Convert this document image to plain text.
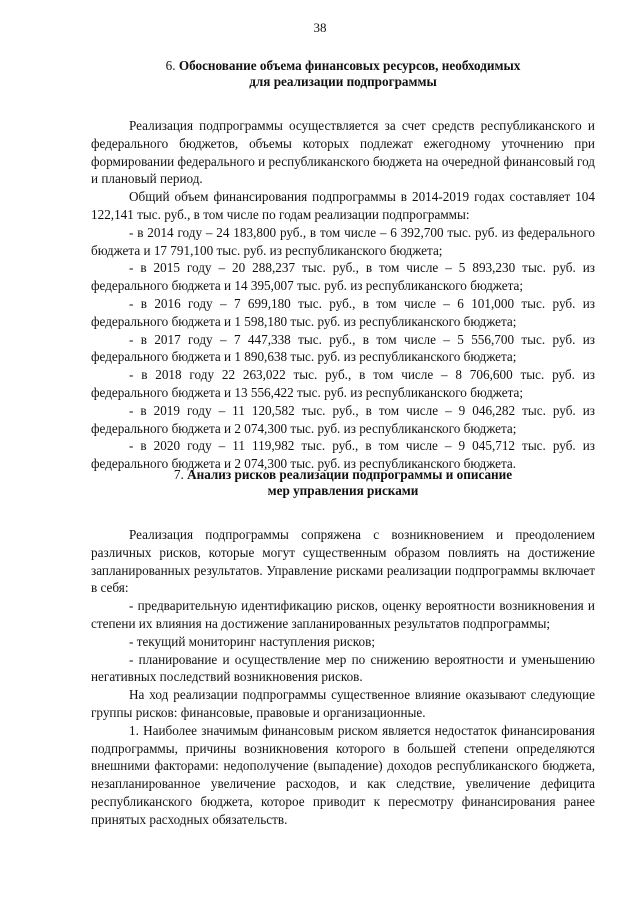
38
6. Обоснование объема финансовых ресурсов, необходимых
для реализации подпрограммы

Реализация подпрограммы осуществляется за счет средств республиканского и федерального бюджетов, объемы которых подлежат ежегодному уточнению при формировании федерального и республиканского бюджета на очередной финансовый год и плановый период.

Общий объем финансирования подпрограммы в 2014-2019 годах составляет 104 122,141 тыс. руб., в том числе по годам реализации подпрограммы:

- в 2014 году – 24 183,800 руб., в том числе – 6 392,700 тыс. руб. из федерального бюджета и 17 791,100 тыс. руб. из республиканского бюджета;

- в 2015 году – 20 288,237 тыс. руб., в том числе – 5 893,230 тыс. руб. из федерального бюджета и 14 395,007 тыс. руб. из республиканского бюджета;

- в 2016 году – 7 699,180 тыс. руб., в том числе – 6 101,000 тыс. руб. из федерального бюджета и 1 598,180 тыс. руб. из республиканского бюджета;

- в 2017 году – 7 447,338 тыс. руб., в том числе – 5 556,700 тыс. руб. из федерального бюджета и 1 890,638 тыс. руб. из республиканского бюджета;

- в 2018 году 22 263,022 тыс. руб., в том числе – 8 706,600 тыс. руб. из федерального бюджета и 13 556,422 тыс. руб. из республиканского бюджета;

- в 2019 году – 11 120,582 тыс. руб., в том числе – 9 046,282 тыс. руб. из федерального бюджета и 2 074,300 тыс. руб. из республиканского бюджета;

- в 2020 году – 11 119,982 тыс. руб., в том числе – 9 045,712 тыс. руб. из федерального бюджета и 2 074,300 тыс. руб. из республиканского бюджета.

7. Анализ рисков реализации подпрограммы и описание
мер управления рисками

Реализация подпрограммы сопряжена с возникновением и преодолением различных рисков, которые могут существенным образом повлиять на достижение запланированных результатов. Управление рисками реализации подпрограммы включает в себя:

- предварительную идентификацию рисков, оценку вероятности возникновения и степени их влияния на достижение запланированных результатов подпрограммы;

- текущий мониторинг наступления рисков;

- планирование и осуществление мер по снижению вероятности и уменьшению негативных последствий возникновения рисков.

На ход реализации подпрограммы существенное влияние оказывают следующие группы рисков: финансовые, правовые и организационные.

1. Наиболее значимым финансовым риском является недостаток финансирования подпрограммы, причины возникновения которого в большей степени определяются внешними факторами: недополучение (выпадение) доходов республиканского бюджета, незапланированное увеличение расходов, и как следствие, увеличение дефицита республиканского бюджета, которое приводит к пересмотру финансирования ранее принятых расходных обязательств.
